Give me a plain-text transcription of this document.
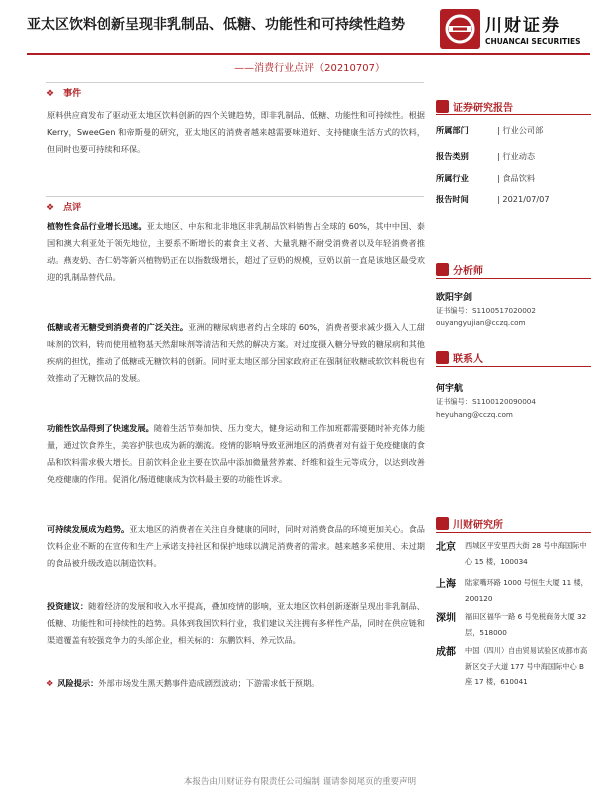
亚太区饮料创新呈现非乳制品、低糖、功能性和可持续性趋势	川财证券
CHUANCAI SECURITIES
——消费行业点评（20210707）
❖ 事件
原料供应商发布了驱动亚太地区饮料创新的四个关键趋势，即非乳制品、低糖、功能性和可持续性。根据 Kerry，SweeGen 和帝斯曼的研究，亚太地区的消费者越来越需要味道好、支持健康生活方式的饮料，但同时也要可持续和环保。
❖ 点评
植物性食品行业增长迅速。亚太地区、中东和北非地区非乳制品饮料销售占全球的 60%，其中中国、泰国和澳大利亚处于领先地位，主要系不断增长的素食主义者、大量乳糖不耐受消费者以及年轻消费者推动。燕麦奶、杏仁奶等新兴植物奶正在以指数级增长，超过了豆奶的规模，豆奶以前一直是该地区最受欢迎的乳制品替代品。
低糖或者无糖受到消费者的广泛关注。亚洲的糖尿病患者约占全球的 60%，消费者要求减少摄入人工甜味剂的饮料，转而使用植物基天然甜味剂等清洁和天然的解决方案。对过度摄入糖分导致的糖尿病和其他疾病的担忧，推动了低糖或无糖饮料的创新。同时亚太地区部分国家政府正在强制征收糖或软饮料税也有效推动了无糖饮品的发展。
功能性饮品得到了快速发展。随着生活节奏加快、压力变大，健身运动和工作加班都需要随时补充体力能量，通过饮食养生，美容护肤也成为新的潮流。疫情的影响导致亚洲地区的消费者对有益于免疫健康的食品和饮料需求极大增长。目前饮料企业主要在饮品中添加微量营养素、纤维和益生元等成分，以达到改善免疫健康的作用。促消化/肠道健康成为饮料最主要的功能性诉求。
可持续发展成为趋势。亚太地区的消费者在关注自身健康的同时，同时对消费食品的环境更加关心。食品饮料企业不断的在宣传和生产上承诺支持社区和保护地球以满足消费者的需求。越来越多采使用、未过期的食品被升级改造以制造饮料。
投资建议：随着经济的发展和收入水平提高，叠加疫情的影响，亚太地区饮料创新逐渐呈现出非乳制品、低糖、功能性和可持续性的趋势。具体到我国饮料行业，我们建议关注拥有多样性产品，同时在供应链和渠道覆盖有较强竞争力的头部企业，相关标的：东鹏饮料、养元饮品。
❖ 风险提示：外部市场发生黑天鹅事件造成剧烈波动；下游需求低于预期。
证券研究报告
所属部门	| 行业公司部
报告类别	| 行业动态
所属行业	| 食品饮料
报告时间	| 2021/07/07
分析师
欧阳宇剑
证书编号：S1100517020002
ouyangyujian@cczq.com
联系人
何宇航
证书编号：S1100120090004
heyuhang@cczq.com
川财研究所
北京 西城区平安里西大街 28 号中海国际中心 15 楼，100034
上海 陆家嘴环路 1000 号恒生大厦 11 楼，200120
深圳 福田区福华一路 6 号免税商务大厦 32 层，518000
成都 中国（四川）自由贸易试验区成都市高新区交子大道 177 号中海国际中心 B 座 17 楼，610041
本报告由川财证券有限责任公司编制 谨请参阅尾页的重要声明
